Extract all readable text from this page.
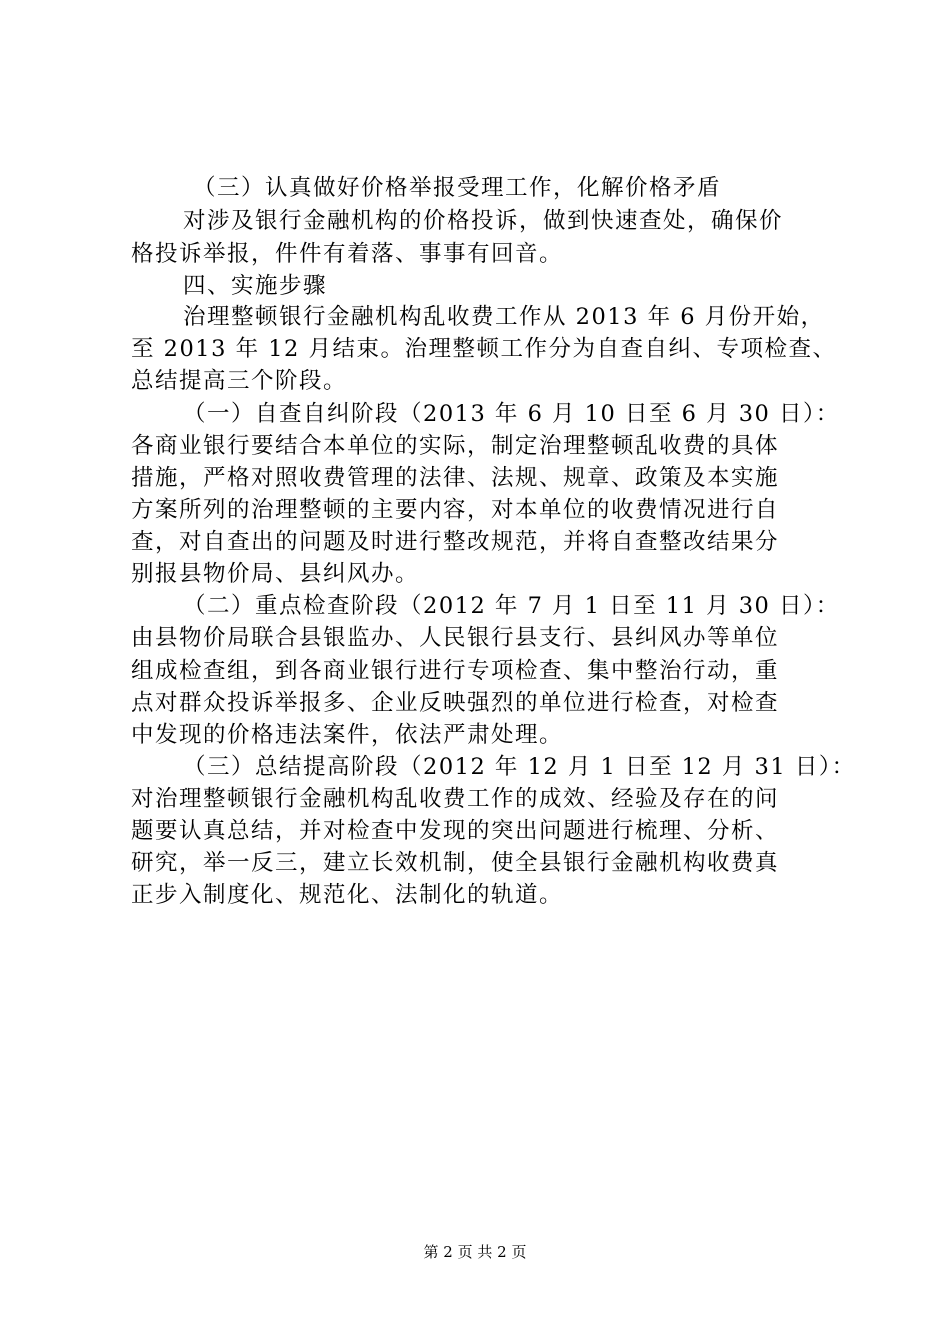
（三）认真做好价格举报受理工作，化解价格矛盾
对涉及银行金融机构的价格投诉，做到快速查处，确保价
格投诉举报，件件有着落、事事有回音。
四、实施步骤
治理整顿银行金融机构乱收费工作从 2013 年 6 月份开始，
至 2013 年 12 月结束。治理整顿工作分为自查自纠、专项检查、
总结提高三个阶段。
（一）自查自纠阶段（2013 年 6 月 10 日至 6 月 30 日）：
各商业银行要结合本单位的实际，制定治理整顿乱收费的具体
措施，严格对照收费管理的法律、法规、规章、政策及本实施
方案所列的治理整顿的主要内容，对本单位的收费情况进行自
查，对自查出的问题及时进行整改规范，并将自查整改结果分
别报县物价局、县纠风办。
（二）重点检查阶段（2012 年 7 月 1 日至 11 月 30 日）：
由县物价局联合县银监办、人民银行县支行、县纠风办等单位
组成检查组，到各商业银行进行专项检查、集中整治行动，重
点对群众投诉举报多、企业反映强烈的单位进行检查，对检查
中发现的价格违法案件，依法严肃处理。
（三）总结提高阶段（2012 年 12 月 1 日至 12 月 31 日）：
对治理整顿银行金融机构乱收费工作的成效、经验及存在的问
题要认真总结，并对检查中发现的突出问题进行梳理、分析、
研究，举一反三，建立长效机制，使全县银行金融机构收费真
正步入制度化、规范化、法制化的轨道。
第 2 页 共 2 页
